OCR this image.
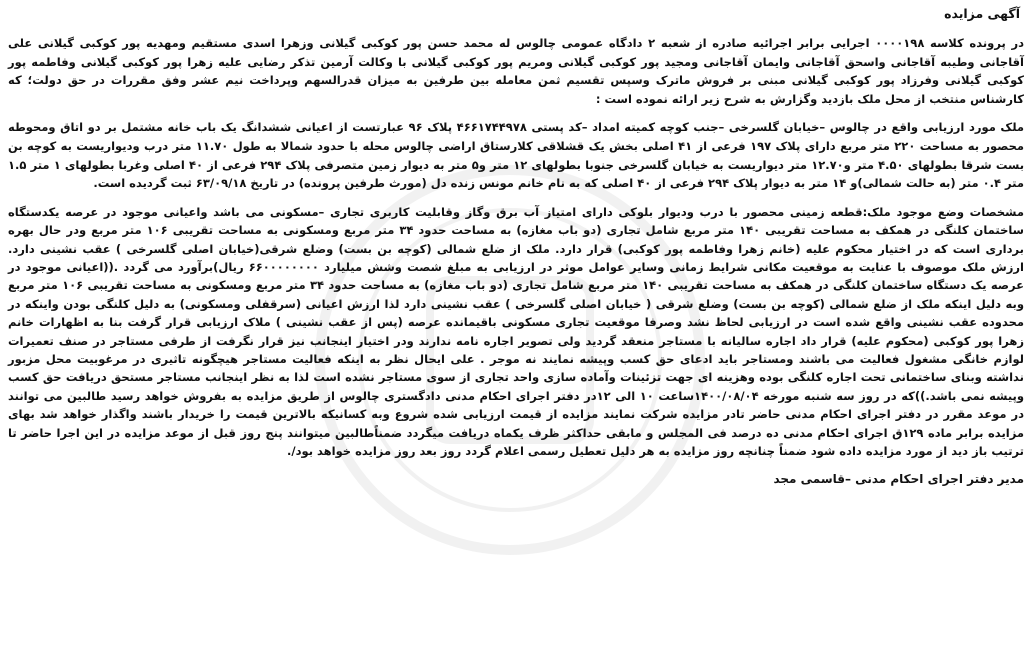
آگهی مزایده
در پرونده کلاسه ۰۰۰۰۱۹۸ اجرایی برابر اجرائیه صادره از شعبه ۲ دادگاه عمومی چالوس له محمد حسن پور کوکبی گیلانی وزهرا اسدی مستقیم ومهدیه پور کوکبی گیلانی علی آقاجانی وطیبه آقاجانی واسحق آقاجانی وایمان آقاجانی ومجید پور کوکبی گیلانی ومریم پور کوکبی گیلانی با وکالت آرمین تذکر رضایی علیه زهرا پور کوکبی گیلانی وفاطمه پور کوکبی گیلانی وفرزاد پور کوکبی گیلانی مبنی بر فروش ماترک وسپس تقسیم ثمن معامله بین طرفین به میزان قدرالسهم وپرداخت نیم عشر وفق مقررات در حق دولت؛ که کارشناس منتخب از محل ملک بازدید وگزارش به شرح زیر ارائه نموده است :
ملک مورد ارزیابی واقع در چالوس –خیابان گلسرخی –جنب کوچه کمیته امداد –کد پستی ۴۶۶۱۷۴۴۹۷۸ پلاک ۹۶ عبارتست از اعیانی ششدانگ یک باب خانه مشتمل بر دو اتاق ومحوطه محصور به مساحت ۲۲۰ متر مربع دارای پلاک ۱۹۷ فرعی از ۴۱ اصلی بخش یک قشلاقی کلارستاق اراضی چالوس محله با حدود شمالا به طول ۱۱.۷۰ متر درب ودیواریست به کوچه بن بست شرقا بطولهای ۴.۵۰ متر و۱۲.۷۰ متر دیواریست به خیابان گلسرخی جنوبا بطولهای ۱۲ متر و۵ متر به دیوار زمین متصرفی پلاک ۲۹۴ فرعی از ۴۰ اصلی وغربا بطولهای ۱ متر ۱.۵ متر ۰.۴ متر (به حالت شمالی)و ۱۴ متر به دیوار پلاک ۲۹۴ فرعی از ۴۰ اصلی که به نام خانم مونس زنده دل (مورث طرفین پرونده) در تاریخ ۶۳/۰۹/۱۸ ثبت گردیده است.
مشخصات وضع موجود ملک:قطعه زمینی محصور با درب ودیوار بلوکی دارای امتیاز آب برق وگاز وقابلیت کاربری تجاری –مسکونی می باشد واعیانی موجود در عرصه یکدستگاه ساختمان کلنگی در همکف به مساحت تقریبی ۱۴۰ متر مربع شامل تجاری (دو باب مغازه) به مساحت حدود ۳۴ متر مربع ومسکونی به مساحت تقریبی ۱۰۶ متر مربع ودر حال بهره برداری است که در اختیار محکوم علیه (خانم زهرا وفاطمه پور کوکبی) قرار دارد. ملک از ضلع شمالی (کوچه بن بست) وضلع شرقی(خیابان اصلی گلسرخی ) عقب نشینی دارد. ارزش ملک موصوف با عنایت به موقعیت مکانی شرایط زمانی وسایر عوامل موثر در ارزیابی به مبلغ شصت وشش میلیارد ۶۶۰۰۰۰۰۰۰۰ ریال)برآورد می گردد .((اعیانی موجود در عرصه یک دستگاه ساختمان کلنگی در همکف به مساحت تقریبی ۱۴۰ متر مربع شامل تجاری (دو باب مغازه) به مساحت حدود ۳۴ متر مربع ومسکونی به مساحت تقریبی ۱۰۶ متر مربع وبه دلیل اینکه ملک از ضلع شمالی (کوچه بن بست) وضلع شرقی ( خیابان اصلی گلسرخی ) عقب نشینی دارد لذا ارزش اعیانی (سرقفلی ومسکونی) به دلیل کلنگی بودن واینکه در محدوده عقب نشینی واقع شده است در ارزیابی لحاظ نشد وصرفا موقعیت تجاری مسکونی باقیمانده عرصه (پس از عقب نشینی ) ملاک ارزیابی قرار گرفت بنا به اظهارات خانم زهرا پور کوکبی (محکوم علیه) قرار داد اجاره سالیانه با مستاجر منعقد گردید ولی تصویر اجاره نامه ندارند ودر اختیار اینجانب نیز قرار نگرفت از طرفی مستاجر در صنف تعمیرات لوازم خانگی مشغول فعالیت می باشند ومستاجر باید ادعای حق کسب وپیشه نمایند نه موجر . علی ایحال نظر به اینکه فعالیت مستاجر هیچگونه تاثیری در مرغوبیت محل مزبور نداشته وبنای ساختمانی تحت اجاره کلنگی بوده وهزینه ای جهت تزئینات وآماده سازی واحد تجاری از سوی مستاجر نشده است لذا به نظر اینجانب مستاجر مستحق دریافت حق کسب وپیشه نمی باشد.))که در روز سه شنبه مورخه ۱۴۰۰/۰۸/۰۴ساعت ۱۰ الی ۱۲در دفتر اجرای احکام مدنی دادگستری چالوس از طریق مزایده به بفروش خواهد رسید طالبین می توانند در موعد مقرر در دفتر اجرای احکام مدنی حاضر تادر مزایده شرکت نمایند مزایده از قیمت ارزیابی شده شروع وبه کسانیکه بالاترین قیمت را خریدار باشند واگذار خواهد شد بهای مزایده برابر ماده ۱۲۹ق اجرای احکام مدنی ده درصد فی المجلس و مابقی حداکثر ظرف یکماه دریافت میگردد ضمناًطالبین میتوانند پنج روز قبل از موعد مزایده در این اجرا حاضر تا ترتیب باز دید از مورد مزایده داده شود ضمناً چنانچه روز مزایده به هر دلیل تعطیل رسمی اعلام گردد روز بعد روز مزایده خواهد بود/.
مدیر دفتر اجرای احکام مدنی –قاسمی مجد
